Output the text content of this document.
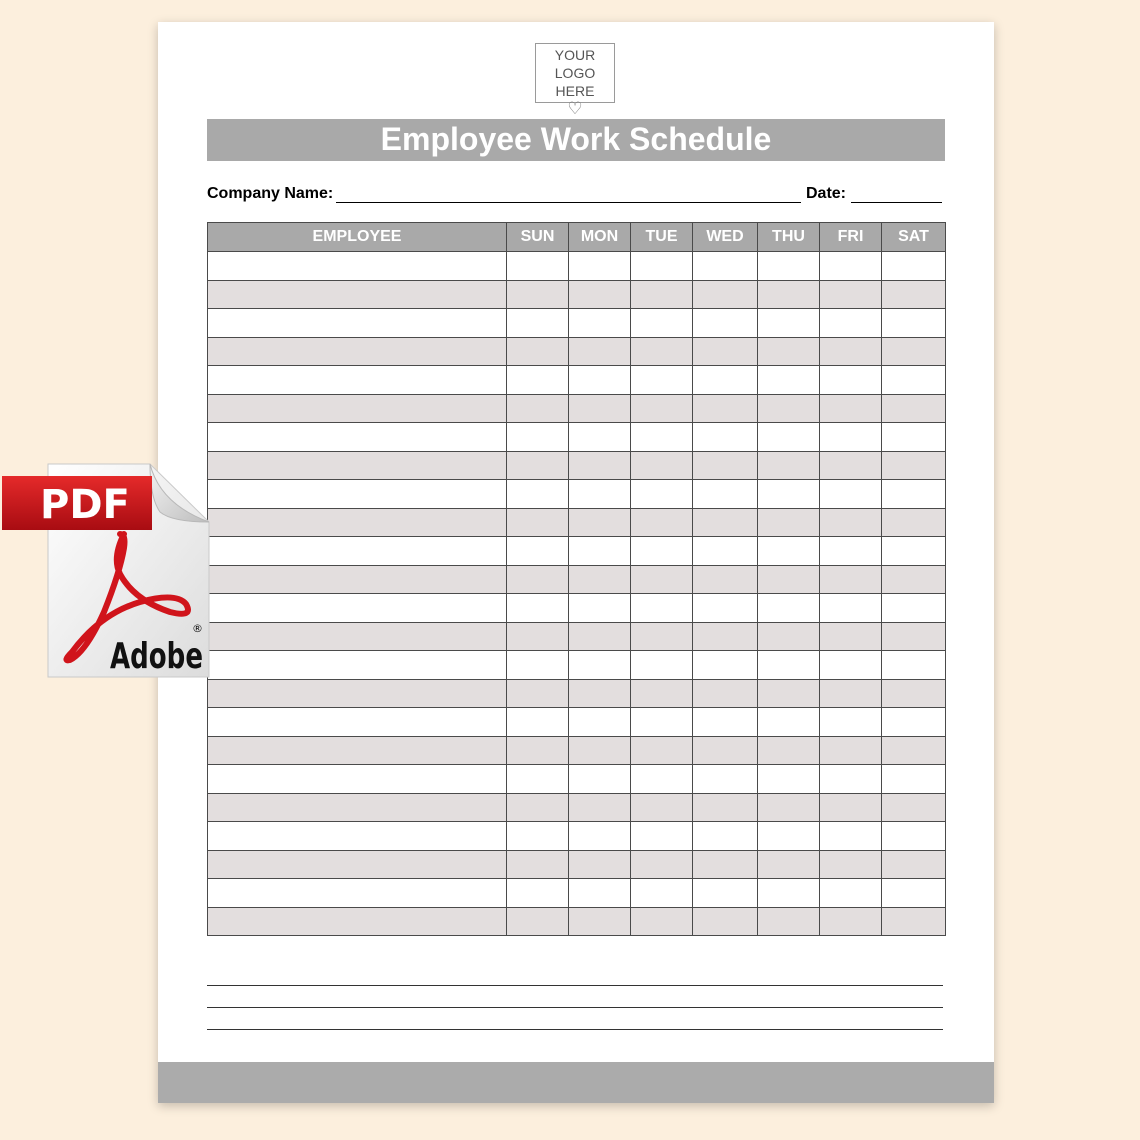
YOUR LOGO
HERE
♡
Employee Work Schedule
Company Name:	Date:
EMPLOYEE	SUN	MON	TUE	WED	THU	FRI	SAT

PDF
Adobe
®
